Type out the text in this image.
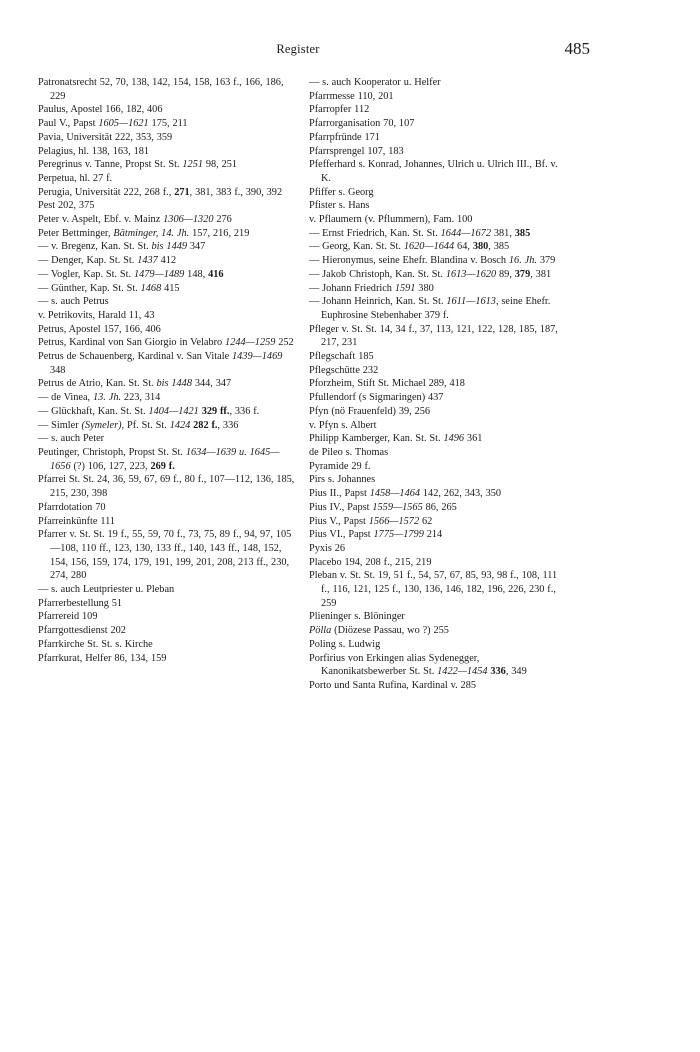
Register	485

Patronatsrecht 52, 70, 138, 142, 154, 158, 163 f., 166, 186, 229

Paulus, Apostel 166, 182, 406

Paul V., Papst 1605—1621 175, 211

Pavia, Universität 222, 353, 359

Pelagius, hl. 138, 163, 181

Peregrinus v. Tanne, Propst St. St. 1251 98, 251

Perpetua, hl. 27 f.

Perugia, Universität 222, 268 f., 271, 381, 383 f., 390, 392

Pest 202, 375

Peter v. Aspelt, Ebf. v. Mainz 1306—1320 276

Peter Bettminger, Bätminger, 14. Jh. 157, 216, 219

— v. Bregenz, Kan. St. St. bis 1449 347

— Denger, Kap. St. St. 1437 412

— Vogler, Kap. St. St. 1479—1489 148, 416

— Günther, Kap. St. St. 1468 415

— s. auch Petrus

v. Petrikovits, Harald 11, 43

Petrus, Apostel 157, 166, 406

Petrus, Kardinal von San Giorgio in Velabro 1244—1259 252

Petrus de Schauenberg, Kardinal v. San Vitale 1439—1469 348

Petrus de Atrio, Kan. St. St. bis 1448 344, 347

— de Vinea, 13. Jh. 223, 314

— Glückhaft, Kan. St. St. 1404—1421 329 ff., 336 f.

— Simler (Symeler), Pf. St. St. 1424 282 f., 336

— s. auch Peter

Peutinger, Christoph, Propst St. St. 1634—1639 u. 1645—1656 (?) 106, 127, 223, 269 f.

Pfarrei St. St. 24, 36, 59, 67, 69 f., 80 f., 107—112, 136, 185, 215, 230, 398

Pfarrdotation 70

Pfarreinkünfte 111

Pfarrer v. St. St. 19 f., 55, 59, 70 f., 73, 75, 89 f., 94, 97, 105—108, 110 ff., 123, 130, 133 ff., 140, 143 ff., 148, 152, 154, 156, 159, 174, 179, 191, 199, 201, 208, 213 ff., 230, 274, 280

— s. auch Leutpriester u. Pleban

Pfarrerbestellung 51

Pfarrereid 109

Pfarrgottesdienst 202

Pfarrkirche St. St. s. Kirche

Pfarrkurat, Helfer 86, 134, 159

— s. auch Kooperator u. Helfer

Pfarrmesse 110, 201

Pfarropfer 112

Pfarrorganisation 70, 107

Pfarrpfründe 171

Pfarrsprengel 107, 183

Pfefferhard s. Konrad, Johannes, Ulrich u. Ulrich III., Bf. v. K.

Pfiffer s. Georg

Pfister s. Hans

v. Pflaumern (v. Pflummern), Fam. 100

— Ernst Friedrich, Kan. St. St. 1644—1672 381, 385

— Georg, Kan. St. St. 1620—1644 64, 380, 385

— Hieronymus, seine Ehefr. Blandina v. Bosch 16. Jh. 379

— Jakob Christoph, Kan. St. St. 1613—1620 89, 379, 381

— Johann Friedrich 1591 380

— Johann Heinrich, Kan. St. St. 1611—1613, seine Ehefr. Euphrosine Stebenhaber 379 f.

Pfleger v. St. St. 14, 34 f., 37, 113, 121, 122, 128, 185, 187, 217, 231

Pflegschaft 185

Pflegschütte 232

Pforzheim, Stift St. Michael 289, 418

Pfullendorf (s Sigmaringen) 437

Pfyn (nö Frauenfeld) 39, 256

v. Pfyn s. Albert

Philipp Kamberger, Kan. St. St. 1496 361

de Pileo s. Thomas

Pyramide 29 f.

Pirs s. Johannes

Pius II., Papst 1458—1464 142, 262, 343, 350

Pius IV., Papst 1559—1565 86, 265

Pius V., Papst 1566—1572 62

Pius VI., Papst 1775—1799 214

Pyxis 26

Placebo 194, 208 f., 215, 219

Pleban v. St. St. 19, 51 f., 54, 57, 67, 85, 93, 98 f., 108, 111 f., 116, 121, 125 f., 130, 136, 146, 182, 196, 226, 230 f., 259

Plieninger s. Blöninger

Pölla (Diözese Passau, wo ?) 255

Poling s. Ludwig

Porfirius von Erkingen alias Sydenegger, Kanonikatsbewerber St. St. 1422—1454 336, 349

Porto und Santa Rufina, Kardinal v. 285
